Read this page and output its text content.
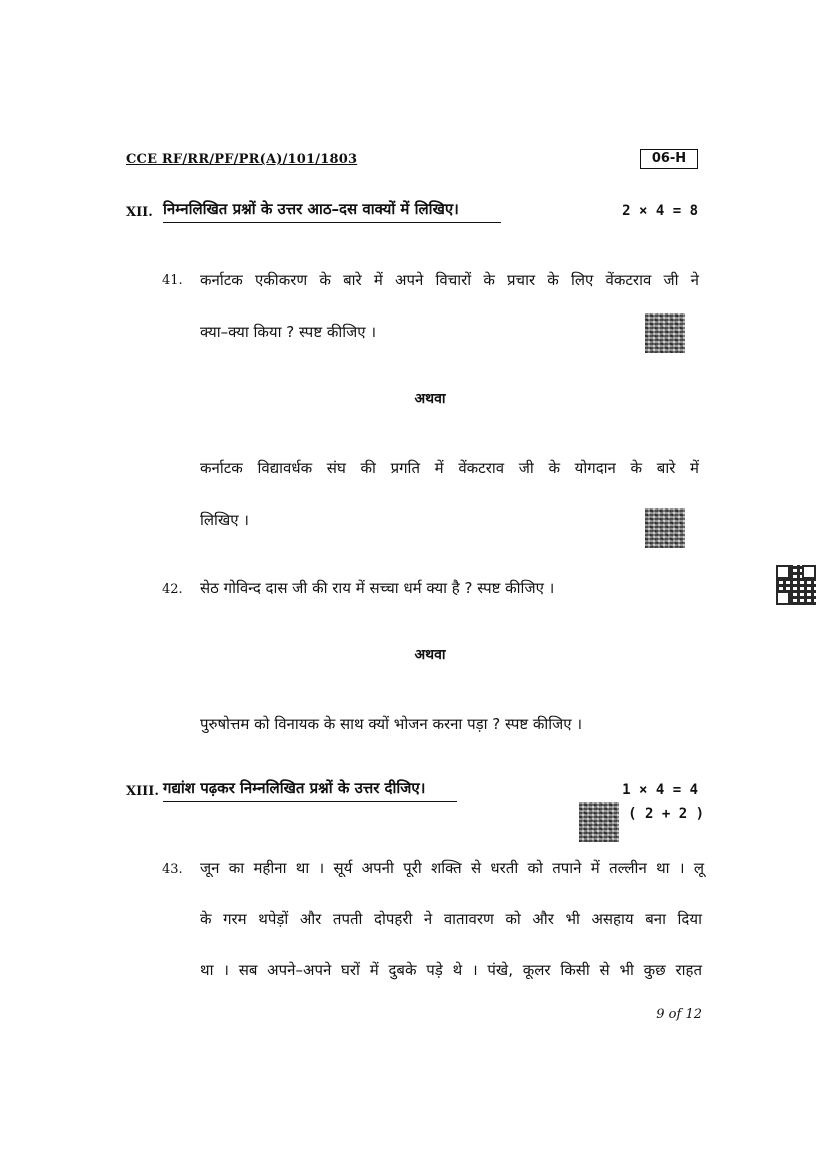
CCE RF/RR/PF/PR(A)/101/1803	06-H
XII. निम्नलिखित प्रश्नों के उत्तर आठ–दस वाक्यों में लिखिए।	2 × 4 = 8
41. कर्नाटक एकीकरण के बारे में अपने विचारों के प्रचार के लिए वेंकटराव जी ने
क्या–क्या किया ? स्पष्ट कीजिए ।
अथवा
कर्नाटक विद्यावर्धक संघ की प्रगति में वेंकटराव जी के योगदान के बारे में
लिखिए ।
42. सेठ गोविन्द दास जी की राय में सच्चा धर्म क्या है ? स्पष्ट कीजिए ।
अथवा
पुरुषोत्तम को विनायक के साथ क्यों भोजन करना पड़ा ? स्पष्ट कीजिए ।
XIII. गद्यांश पढ़कर निम्नलिखित प्रश्नों के उत्तर दीजिए।	1 × 4 = 4
( 2 + 2 )
43. जून का महीना था । सूर्य अपनी पूरी शक्ति से धरती को तपाने में तल्लीन था । लू
के गरम थपेड़ों और तपती दोपहरी ने वातावरण को और भी असहाय बना दिया
था । सब अपने–अपने घरों में दुबके पड़े थे । पंखे, कूलर किसी से भी कुछ राहत
9 of 12
